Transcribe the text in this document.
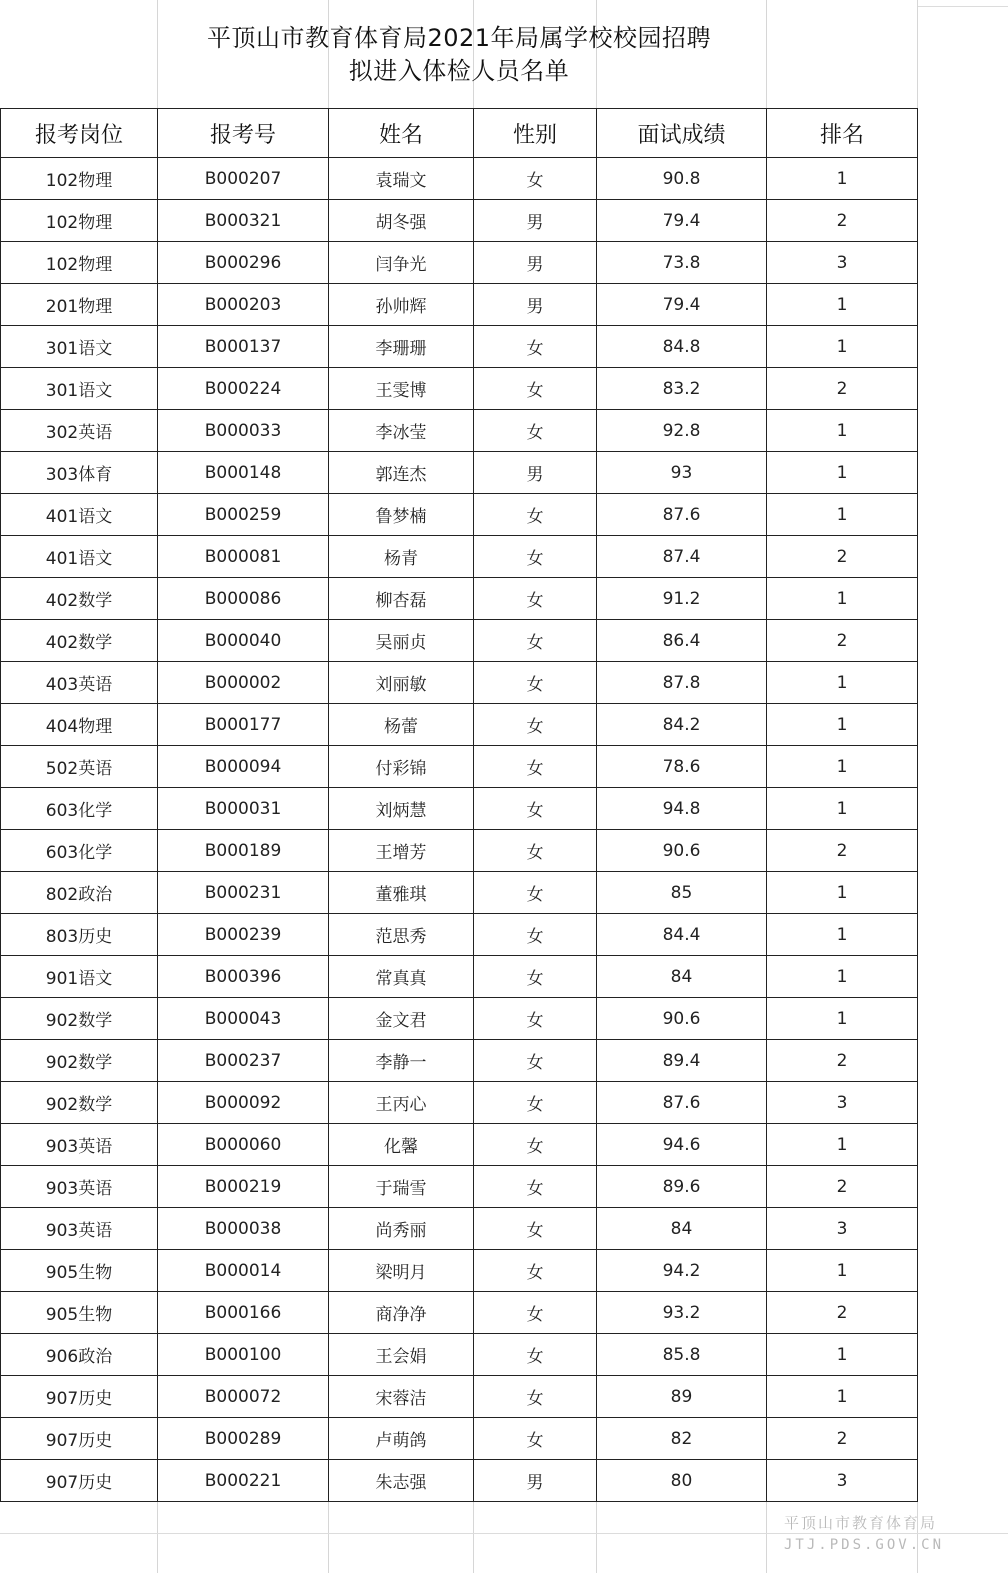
平顶山市教育体育局2021年局属学校校园招聘
拟进入体检人员名单
报考岗位	报考号	姓名	性别	面试成绩	排名
102物理	B000207	袁瑞文	女	90.8	1
102物理	B000321	胡冬强	男	79.4	2
102物理	B000296	闫争光	男	73.8	3
201物理	B000203	孙帅辉	男	79.4	1
301语文	B000137	李珊珊	女	84.8	1
301语文	B000224	王雯博	女	83.2	2
302英语	B000033	李冰莹	女	92.8	1
303体育	B000148	郭连杰	男	93	1
401语文	B000259	鲁梦楠	女	87.6	1
401语文	B000081	杨青	女	87.4	2
402数学	B000086	柳杏磊	女	91.2	1
402数学	B000040	吴丽贞	女	86.4	2
403英语	B000002	刘丽敏	女	87.8	1
404物理	B000177	杨蕾	女	84.2	1
502英语	B000094	付彩锦	女	78.6	1
603化学	B000031	刘炳慧	女	94.8	1
603化学	B000189	王增芳	女	90.6	2
802政治	B000231	董雅琪	女	85	1
803历史	B000239	范思秀	女	84.4	1
901语文	B000396	常真真	女	84	1
902数学	B000043	金文君	女	90.6	1
902数学	B000237	李静一	女	89.4	2
902数学	B000092	王丙心	女	87.6	3
903英语	B000060	化馨	女	94.6	1
903英语	B000219	于瑞雪	女	89.6	2
903英语	B000038	尚秀丽	女	84	3
905生物	B000014	梁明月	女	94.2	1
905生物	B000166	商净净	女	93.2	2
906政治	B000100	王会娟	女	85.8	1
907历史	B000072	宋蓉洁	女	89	1
907历史	B000289	卢萌鸽	女	82	2
907历史	B000221	朱志强	男	80	3
平顶山市教育体育局
JTJ.PDS.GOV.CN
